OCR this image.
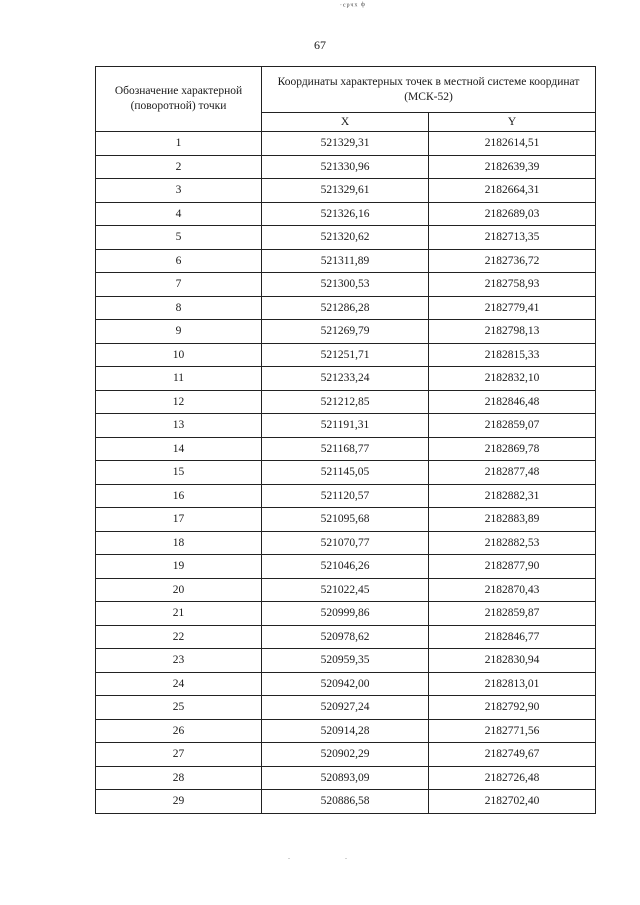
·срчх ф
67
Обозначение характерной (поворотной) точки	Координаты характерных точек в местной системе координат (МСК-52)	
	X	Y
1	521329,31	2182614,51
2	521330,96	2182639,39
3	521329,61	2182664,31
4	521326,16	2182689,03
5	521320,62	2182713,35
6	521311,89	2182736,72
7	521300,53	2182758,93
8	521286,28	2182779,41
9	521269,79	2182798,13
10	521251,71	2182815,33
11	521233,24	2182832,10
12	521212,85	2182846,48
13	521191,31	2182859,07
14	521168,77	2182869,78
15	521145,05	2182877,48
16	521120,57	2182882,31
17	521095,68	2182883,89
18	521070,77	2182882,53
19	521046,26	2182877,90
20	521022,45	2182870,43
21	520999,86	2182859,87
22	520978,62	2182846,77
23	520959,35	2182830,94
24	520942,00	2182813,01
25	520927,24	2182792,90
26	520914,28	2182771,56
27	520902,29	2182749,67
28	520893,09	2182726,48
29	520886,58	2182702,40
-	-
